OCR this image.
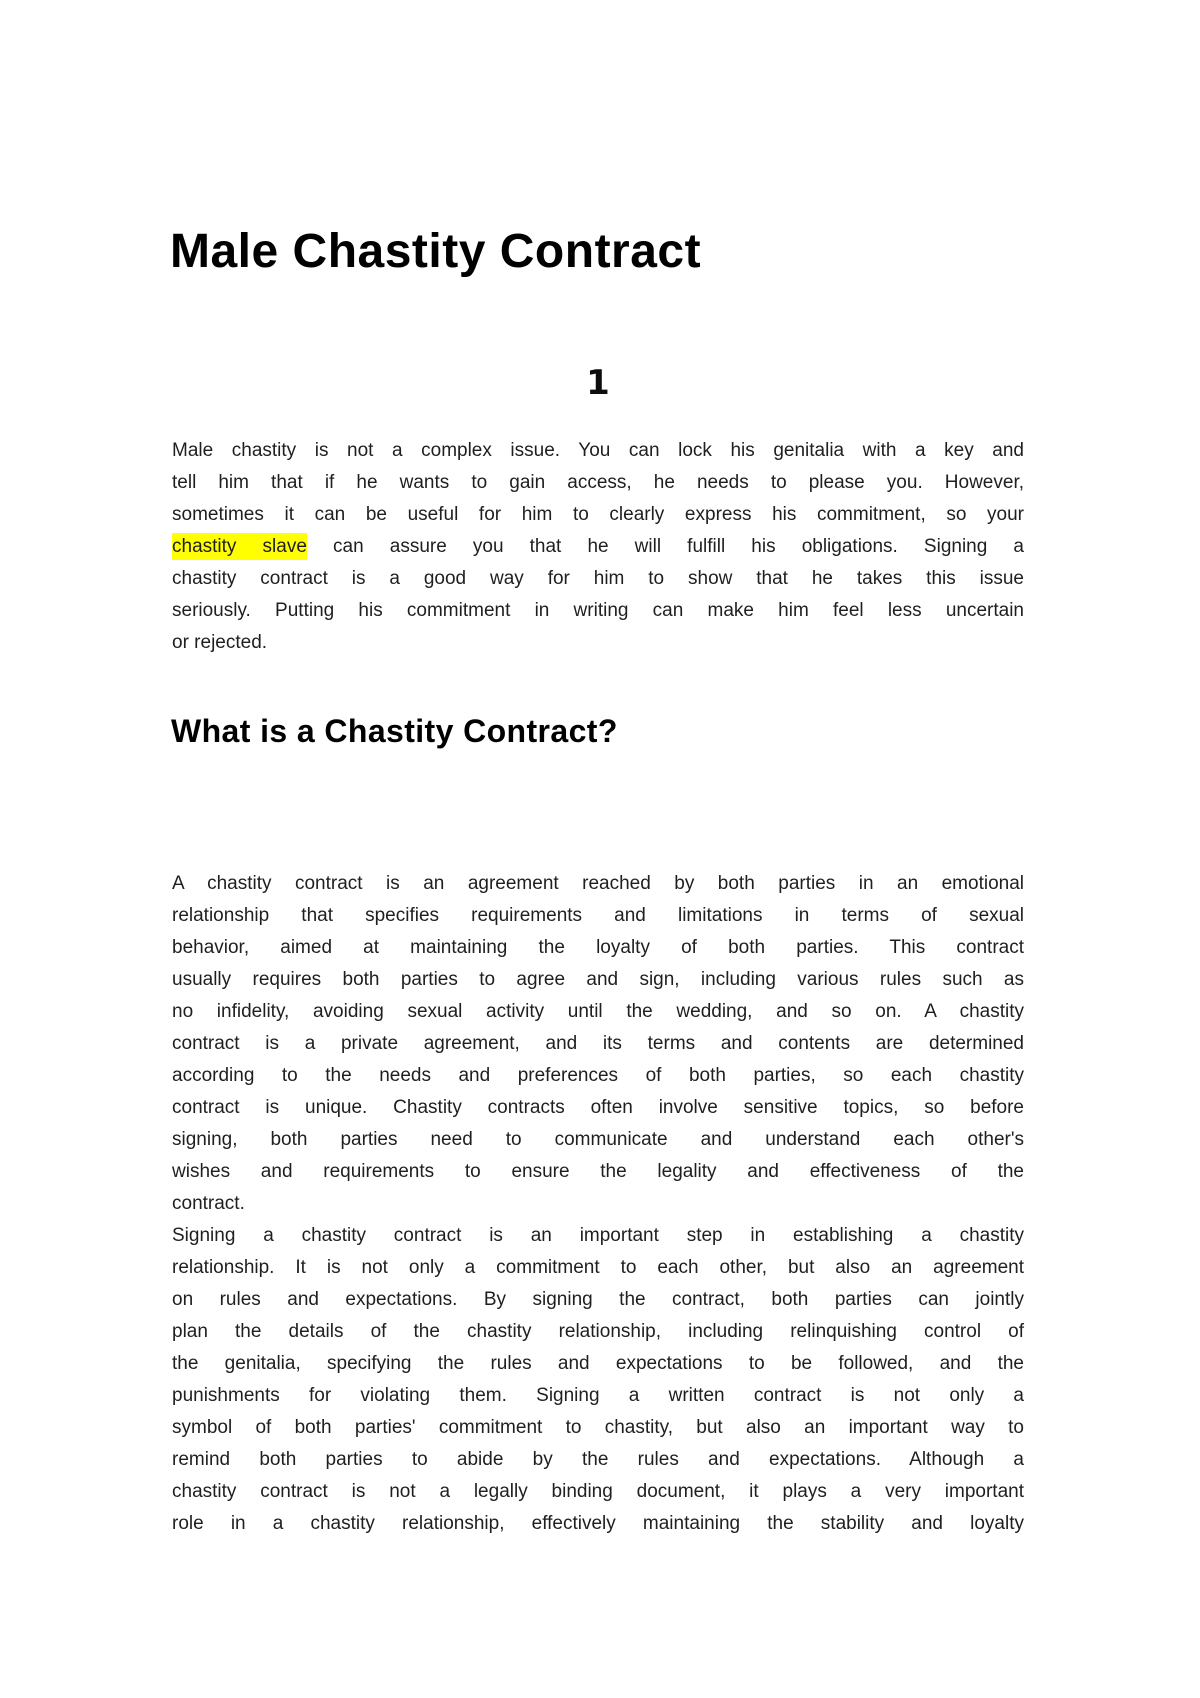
Male Chastity Contract
1
Male chastity is not a complex issue. You can lock his genitalia with a key and
tell him that if he wants to gain access, he needs to please you. However,
sometimes it can be useful for him to clearly express his commitment, so your
chastity slave can assure you that he will fulfill his obligations. Signing a
chastity contract is a good way for him to show that he takes this issue
seriously. Putting his commitment in writing can make him feel less uncertain
or rejected.
What is a Chastity Contract?
A chastity contract is an agreement reached by both parties in an emotional
relationship that specifies requirements and limitations in terms of sexual
behavior, aimed at maintaining the loyalty of both parties. This contract
usually requires both parties to agree and sign, including various rules such as
no infidelity, avoiding sexual activity until the wedding, and so on. A chastity
contract is a private agreement, and its terms and contents are determined
according to the needs and preferences of both parties, so each chastity
contract is unique. Chastity contracts often involve sensitive topics, so before
signing, both parties need to communicate and understand each other's
wishes and requirements to ensure the legality and effectiveness of the
contract.
Signing a chastity contract is an important step in establishing a chastity
relationship. It is not only a commitment to each other, but also an agreement
on rules and expectations. By signing the contract, both parties can jointly
plan the details of the chastity relationship, including relinquishing control of
the genitalia, specifying the rules and expectations to be followed, and the
punishments for violating them. Signing a written contract is not only a
symbol of both parties' commitment to chastity, but also an important way to
remind both parties to abide by the rules and expectations. Although a
chastity contract is not a legally binding document, it plays a very important
role in a chastity relationship, effectively maintaining the stability and loyalty
